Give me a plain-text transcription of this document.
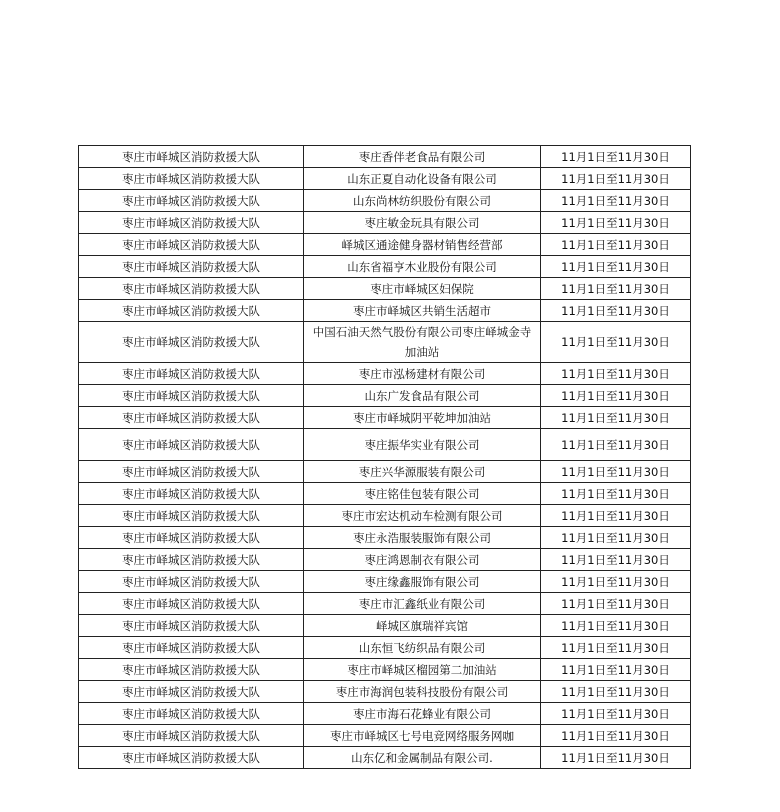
枣庄市峄城区消防救援大队	枣庄香伴老食品有限公司	11月1日至11月30日
枣庄市峄城区消防救援大队	山东正夏自动化设备有限公司	11月1日至11月30日
枣庄市峄城区消防救援大队	山东尚林纺织股份有限公司	11月1日至11月30日
枣庄市峄城区消防救援大队	枣庄敏金玩具有限公司	11月1日至11月30日
枣庄市峄城区消防救援大队	峄城区通途健身器材销售经营部	11月1日至11月30日
枣庄市峄城区消防救援大队	山东省福亨木业股份有限公司	11月1日至11月30日
枣庄市峄城区消防救援大队	枣庄市峄城区妇保院	11月1日至11月30日
枣庄市峄城区消防救援大队	枣庄市峄城区共销生活超市	11月1日至11月30日
枣庄市峄城区消防救援大队	中国石油天然气股份有限公司枣庄峄城金寺加油站	11月1日至11月30日
枣庄市峄城区消防救援大队	枣庄市泓杨建材有限公司	11月1日至11月30日
枣庄市峄城区消防救援大队	山东广发食品有限公司	11月1日至11月30日
枣庄市峄城区消防救援大队	枣庄市峄城阴平乾坤加油站	11月1日至11月30日
枣庄市峄城区消防救援大队	枣庄振华实业有限公司	11月1日至11月30日
枣庄市峄城区消防救援大队	枣庄兴华源服装有限公司	11月1日至11月30日
枣庄市峄城区消防救援大队	枣庄铭佳包装有限公司	11月1日至11月30日
枣庄市峄城区消防救援大队	枣庄市宏达机动车检测有限公司	11月1日至11月30日
枣庄市峄城区消防救援大队	枣庄永浩服装服饰有限公司	11月1日至11月30日
枣庄市峄城区消防救援大队	枣庄鸿恩制衣有限公司	11月1日至11月30日
枣庄市峄城区消防救援大队	枣庄缘鑫服饰有限公司	11月1日至11月30日
枣庄市峄城区消防救援大队	枣庄市汇鑫纸业有限公司	11月1日至11月30日
枣庄市峄城区消防救援大队	峄城区旗瑞祥宾馆	11月1日至11月30日
枣庄市峄城区消防救援大队	山东恒飞纺织品有限公司	11月1日至11月30日
枣庄市峄城区消防救援大队	枣庄市峄城区榴园第二加油站	11月1日至11月30日
枣庄市峄城区消防救援大队	枣庄市海润包装科技股份有限公司	11月1日至11月30日
枣庄市峄城区消防救援大队	枣庄市海石花蜂业有限公司	11月1日至11月30日
枣庄市峄城区消防救援大队	枣庄市峄城区七号电竞网络服务网咖	11月1日至11月30日
枣庄市峄城区消防救援大队	山东亿和金属制品有限公司.	11月1日至11月30日
